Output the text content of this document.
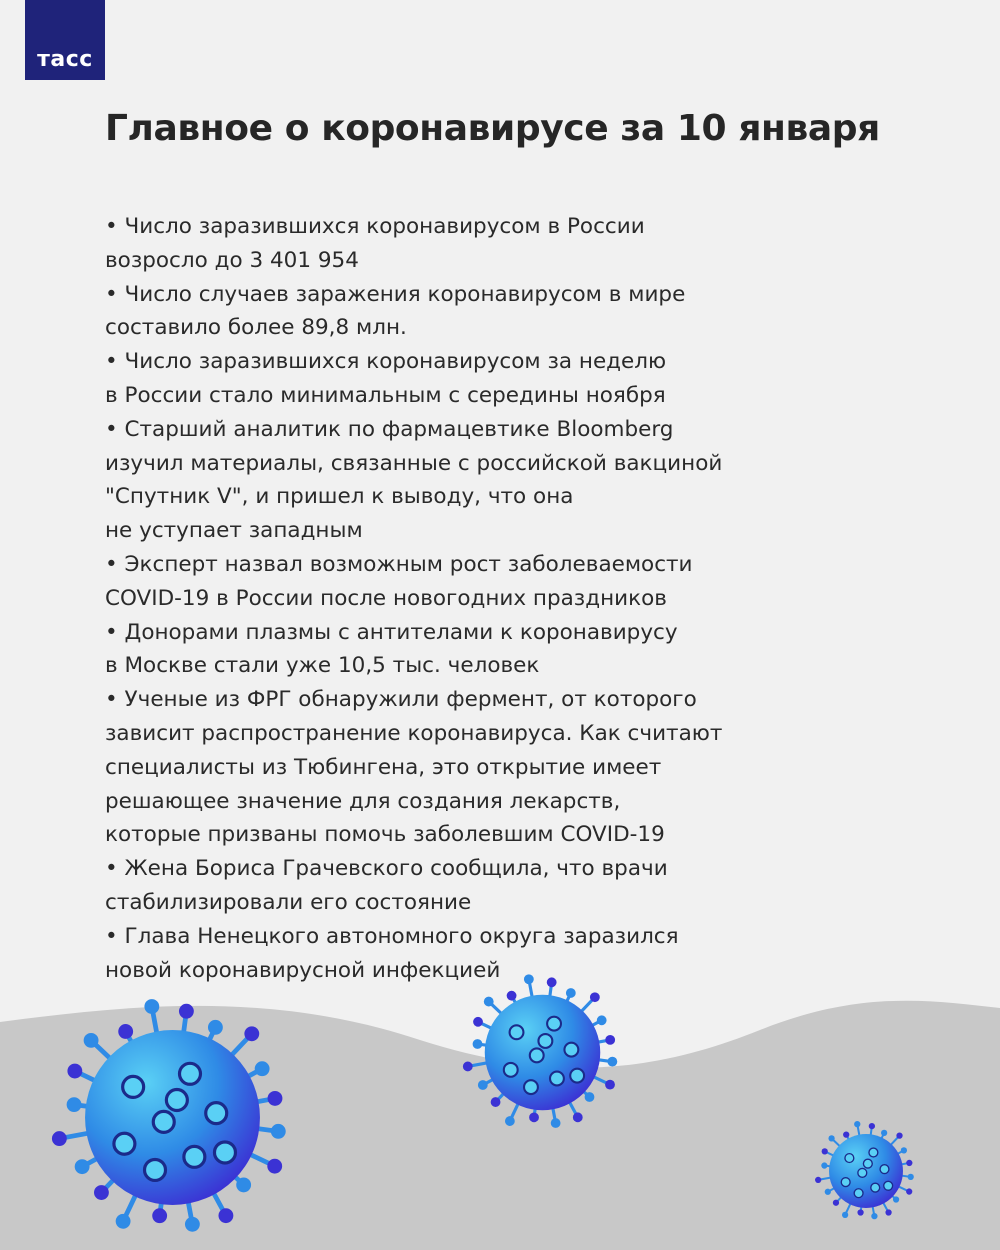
тасс
Главное о коронавирусе за 10 января
• Число заразившихся коронавирусом в России
возросло до 3 401 954
• Число случаев заражения коронавирусом в мире
составило более 89,8 млн.
• Число заразившихся коронавирусом за неделю
в России стало минимальным с середины ноября
• Старший аналитик по фармацевтике Bloomberg
изучил материалы, связанные с российской вакциной
"Спутник V", и пришел к выводу, что она
не уступает западным
• Эксперт назвал возможным рост заболеваемости
COVID-19 в России после новогодних праздников
• Донорами плазмы с антителами к коронавирусу
в Москве стали уже 10,5 тыс. человек
• Ученые из ФРГ обнаружили фермент, от которого
зависит распространение коронавируса. Как считают
специалисты из Тюбингена, это открытие имеет
решающее значение для создания лекарств,
которые призваны помочь заболевшим COVID-19
• Жена Бориса Грачевского сообщила, что врачи
стабилизировали его состояние
• Глава Ненецкого автономного округа заразился
новой коронавирусной инфекцией
